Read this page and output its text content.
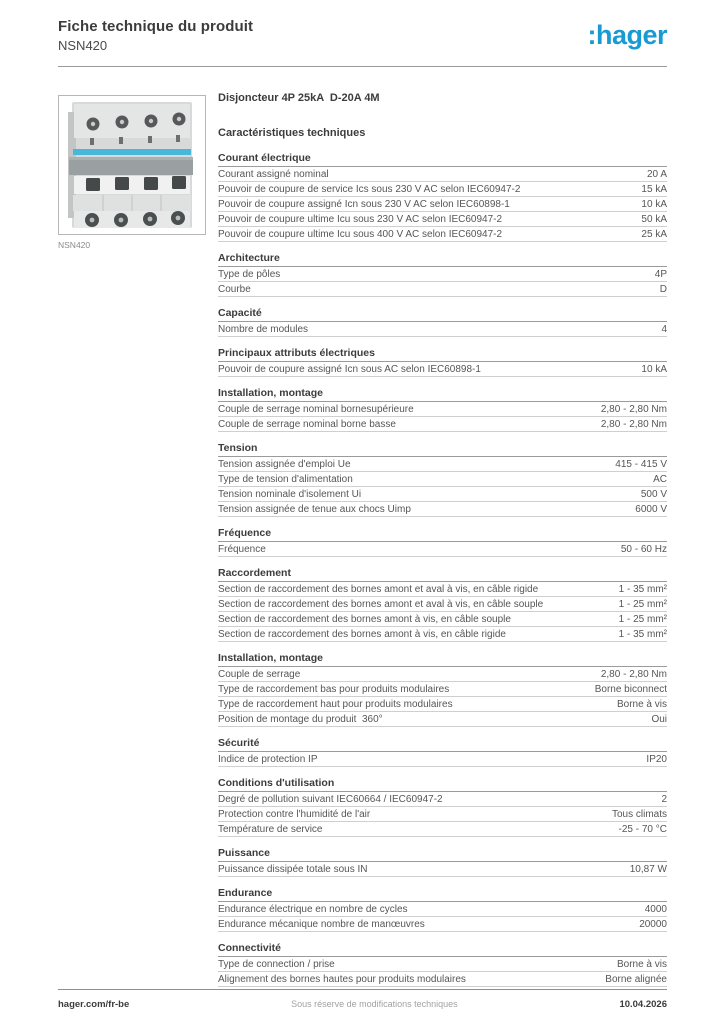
Fiche technique du produit
NSN420	:hager
NSN420
Disjoncteur 4P 25kA  D-20A 4M
Caractéristiques techniques
Courant électrique
Courant assigné nominal	20 A
Pouvoir de coupure de service Ics sous 230 V AC selon IEC60947-2	15 kA
Pouvoir de coupure assigné Icn sous 230 V AC selon IEC60898-1	10 kA
Pouvoir de coupure ultime Icu sous 230 V AC selon IEC60947-2	50 kA
Pouvoir de coupure ultime Icu sous 400 V AC selon IEC60947-2	25 kA
Architecture
Type de pôles	4P
Courbe	D
Capacité
Nombre de modules	4
Principaux attributs électriques
Pouvoir de coupure assigné Icn sous AC selon IEC60898-1	10 kA
Installation, montage
Couple de serrage nominal bornesupérieure	2,80 - 2,80 Nm
Couple de serrage nominal borne basse	2,80 - 2,80 Nm
Tension
Tension assignée d'emploi Ue	415 - 415 V
Type de tension d'alimentation	AC
Tension nominale d'isolement Ui	500 V
Tension assignée de tenue aux chocs Uimp	6000 V
Fréquence
Fréquence	50 - 60 Hz
Raccordement
Section de raccordement des bornes amont et aval à vis, en câble rigide	1 - 35 mm²
Section de raccordement des bornes amont et aval à vis, en câble souple	1 - 25 mm²
Section de raccordement des bornes amont à vis, en câble souple	1 - 25 mm²
Section de raccordement des bornes amont à vis, en câble rigide	1 - 35 mm²
Installation, montage
Couple de serrage	2,80 - 2,80 Nm
Type de raccordement bas pour produits modulaires	Borne biconnect
Type de raccordement haut pour produits modulaires	Borne à vis
Position de montage du produit  360°	Oui
Sécurité
Indice de protection IP	IP20
Conditions d'utilisation
Degré de pollution suivant IEC60664 / IEC60947-2	2
Protection contre l'humidité de l'air	Tous climats
Température de service	-25 - 70 °C
Puissance
Puissance dissipée totale sous IN	10,87 W
Endurance
Endurance électrique en nombre de cycles	4000
Endurance mécanique nombre de manœuvres	20000
Connectivité
Type de connection / prise	Borne à vis
Alignement des bornes hautes pour produits modulaires	Borne alignée
hager.com/fr-be	Sous réserve de modifications techniques	10.04.2026
